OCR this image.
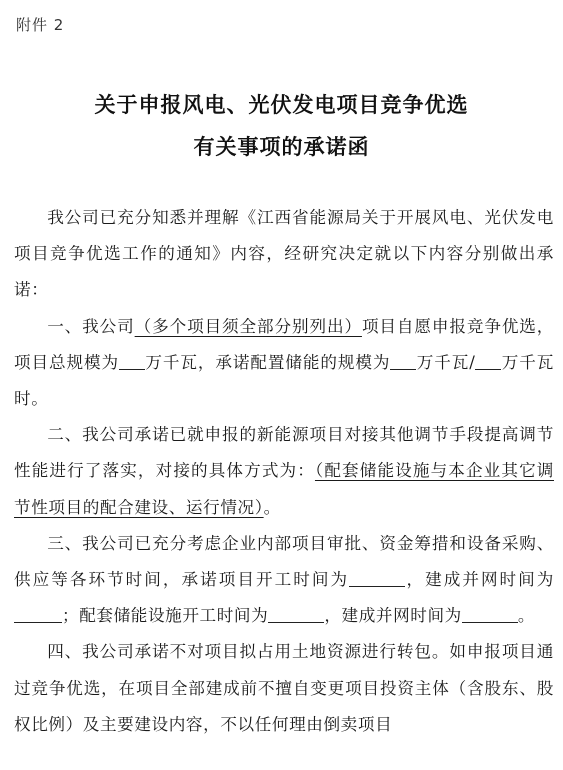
附件 2
关于申报风电、光伏发电项目竞争优选
有关事项的承诺函

我公司已充分知悉并理解《江西省能源局关于开展风电、光伏发电项目竞争优选工作的通知》内容，经研究决定就以下内容分别做出承诺：

一、我公司（多个项目须全部分别列出）项目自愿申报竞争优选，项目总规模为 万千瓦，承诺配置储能的规模为 万千瓦/ 万千瓦时。

二、我公司承诺已就申报的新能源项目对接其他调节手段提高调节性能进行了落实，对接的具体方式为：（配套储能设施与本企业其它调节性项目的配合建设、运行情况）。

三、我公司已充分考虑企业内部项目审批、资金筹措和设备采购、供应等各环节时间，承诺项目开工时间为	，建成并网时间为；配套储能设施开工时间为	，建成并网时间为	。

四、我公司承诺不对项目拟占用土地资源进行转包。如申报项目通过竞争优选，在项目全部建成前不擅自变更项目投资主体（含股东、股权比例）及主要建设内容，不以任何理由倒卖项目
